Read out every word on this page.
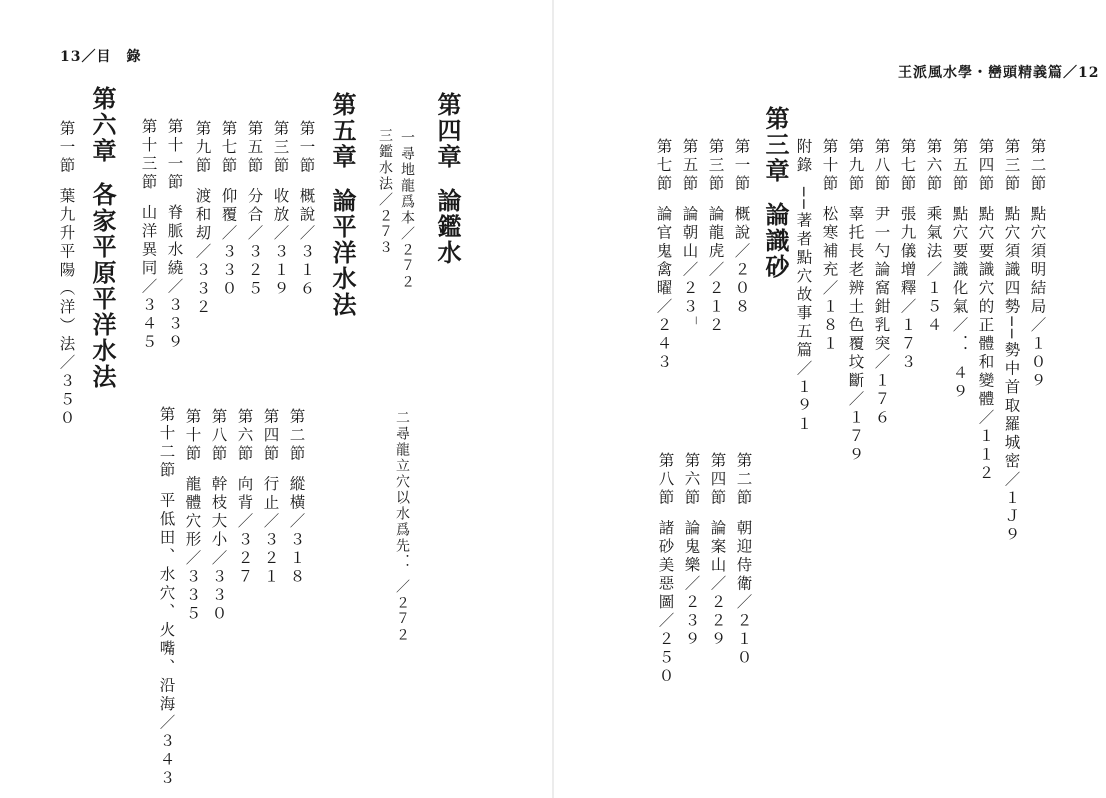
13／目　錄
第四章論鑑水
一尋地龍爲本／２７２
三鑑水法／２７３
二尋龍立穴以水爲先．．／２７２
第五章論平洋水法
第一節概說／３１６
第三節收放／３１９
第五節分合／３２５
第七節仰覆／３３０
第九節渡和刧／３３２
第十一節脊脈水繞／３３９
第十三節山洋異同／３４５
第二節縱橫／３１８
第四節行止／３２１
第六節向背／３２７
第八節幹枝大小／３３０
第十節龍體穴形／３３５
第十二節平低田、水穴、火嘴、沿海／３４３
第六章各家平原平洋水法
第一節葉九升平陽（洋）法／３５０
王派風水學・巒頭精義篇／12
第二節點穴須明結局／１０９
第三節點穴須識四勢──勢中首取羅城密／１Ｊ９
第四節點穴要識穴的正體和變體／１１２
第五節點穴要識化氣／．．４９
第六節乘氣法／１５４
第七節張九儀增釋／１７３
第八節尹一勺論窩鉗乳突／１７６
第九節辜托長老辨土色覆坟斷／１７９
第十節松寒補充／１８１
附錄──著者點穴故事五篇／１９１
第三章論識砂
第一節概說／２０８
第三節論龍虎／２１２
第五節論朝山／２３‾
第七節論官鬼禽曜／２４３
第二節朝迎侍衛／２１０
第四節論案山／２２９
第六節論鬼樂／２３９
第八節諸砂美惡圖／２５０
